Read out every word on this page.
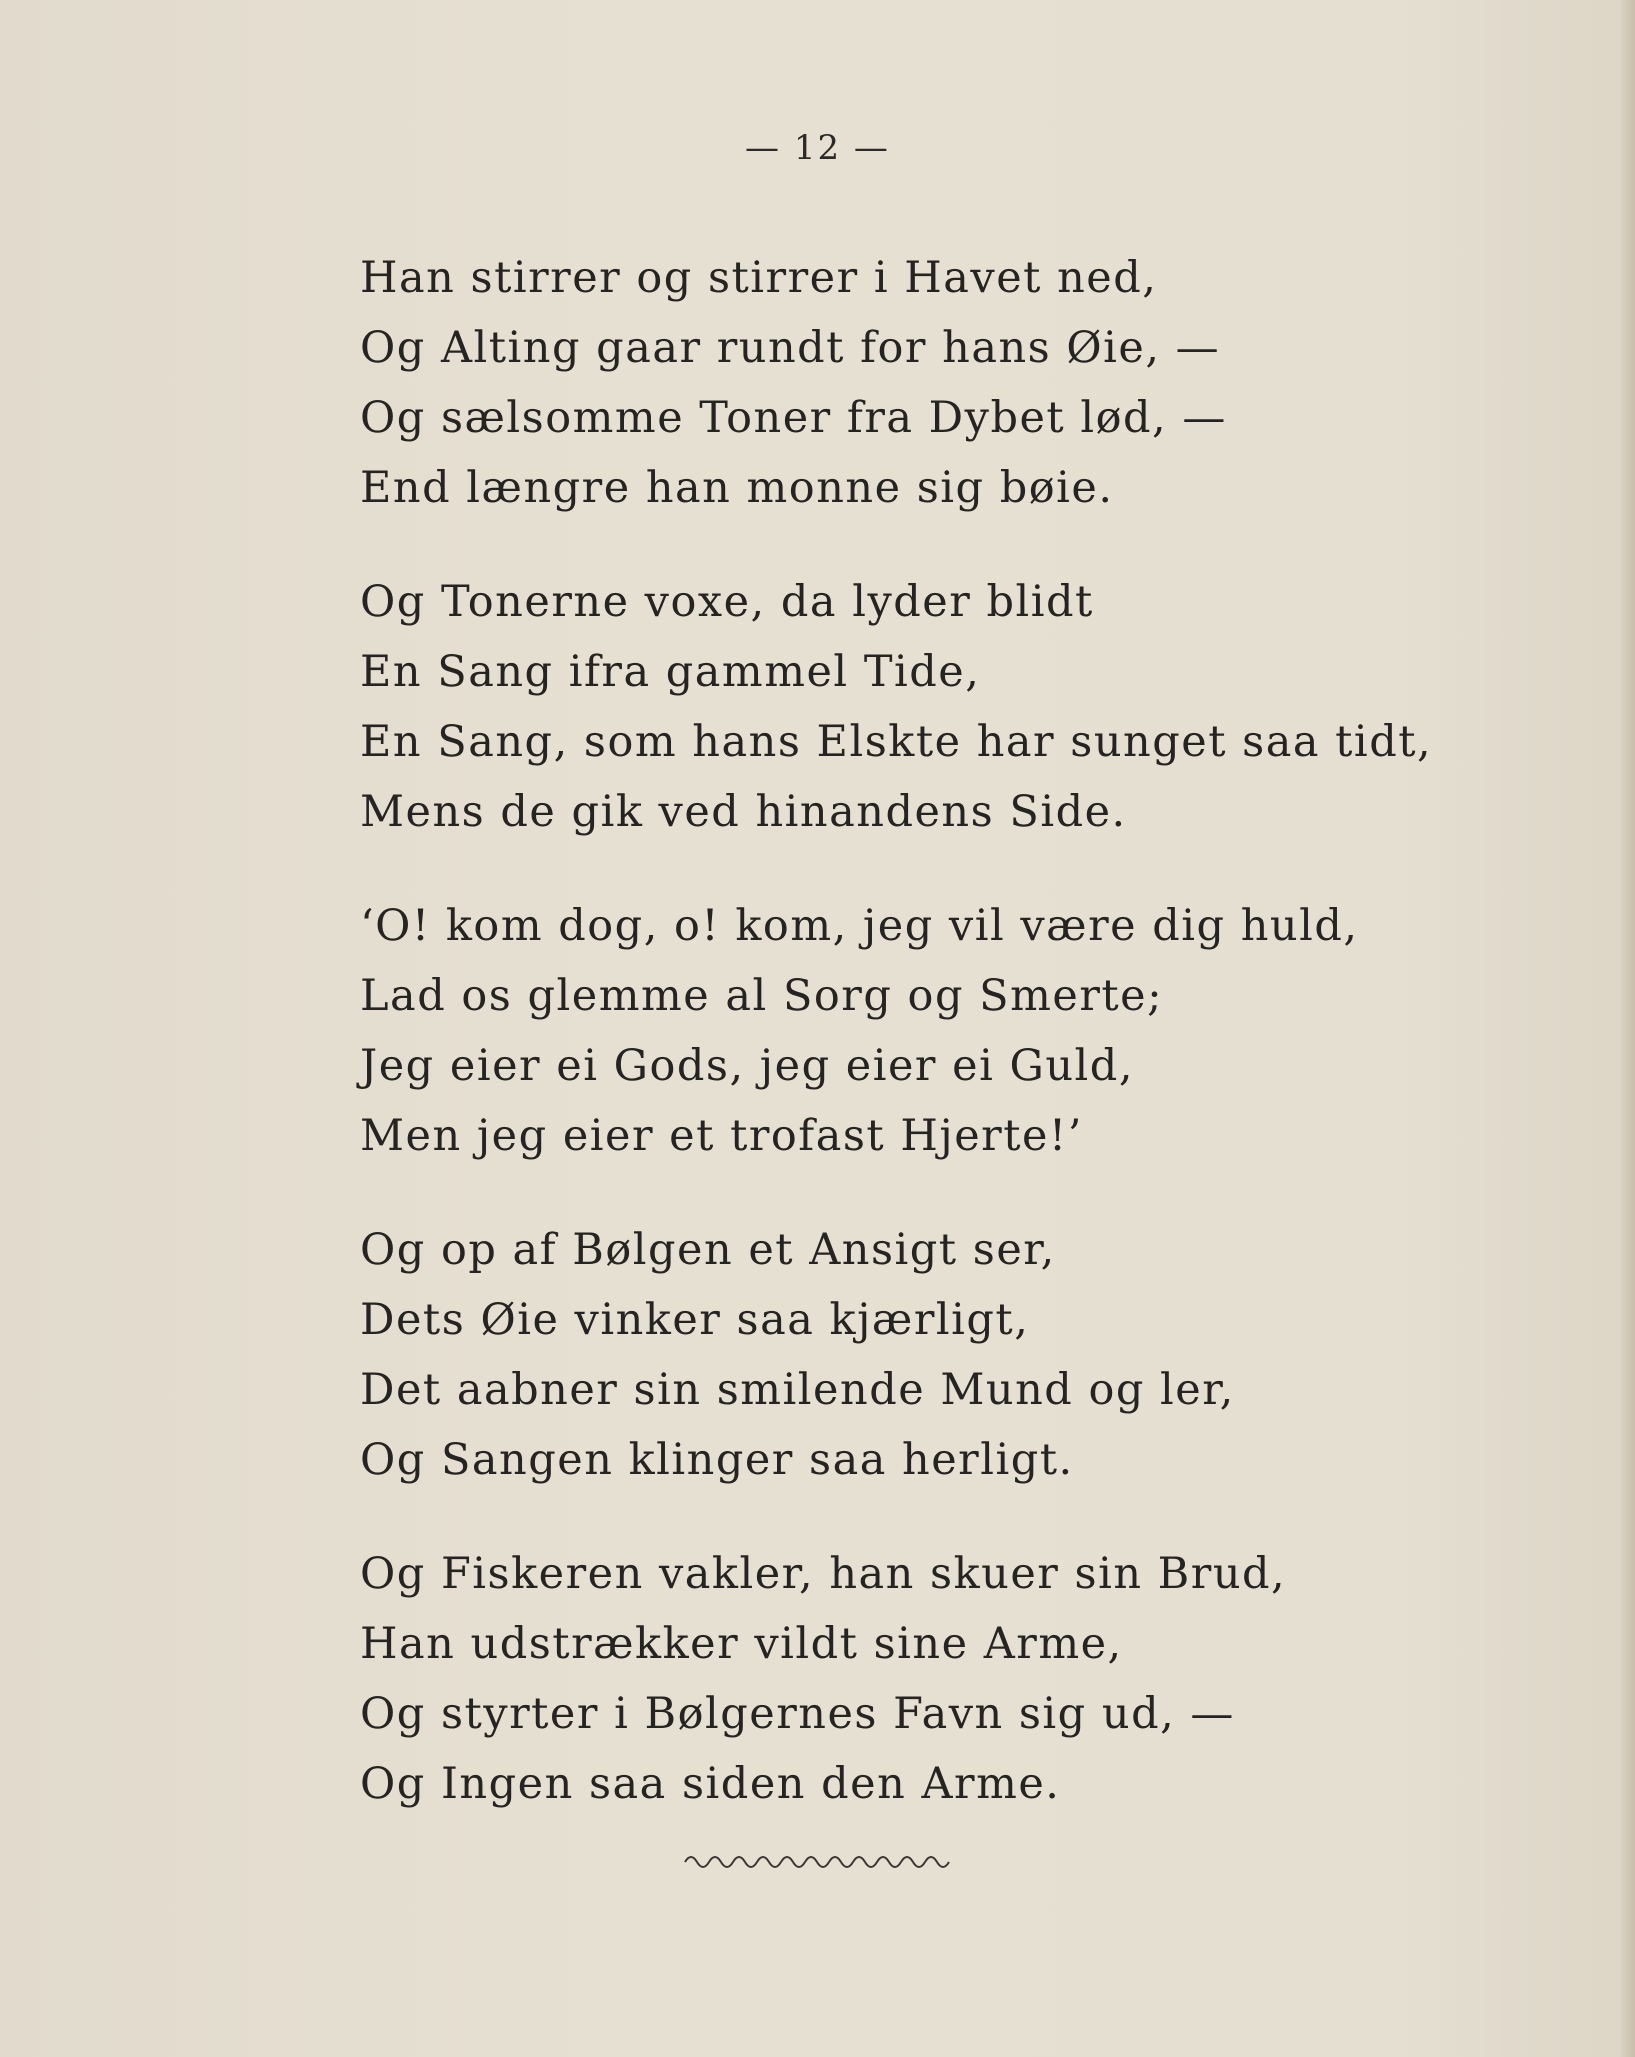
— 12 —
Han stirrer og stirrer i Havet ned,
Og Alting gaar rundt for hans Øie, —
Og sælsomme Toner fra Dybet lød, —
End længre han monne sig bøie.
Og Tonerne voxe, da lyder blidt
En Sang ifra gammel Tide,
En Sang, som hans Elskte har sunget saa tidt,
Mens de gik ved hinandens Side.
‘O! kom dog, o! kom, jeg vil være dig huld,
Lad os glemme al Sorg og Smerte;
Jeg eier ei Gods, jeg eier ei Guld,
Men jeg eier et trofast Hjerte!’
Og op af Bølgen et Ansigt ser,
Dets Øie vinker saa kjærligt,
Det aabner sin smilende Mund og ler,
Og Sangen klinger saa herligt.
Og Fiskeren vakler, han skuer sin Brud,
Han udstrækker vildt sine Arme,
Og styrter i Bølgernes Favn sig ud, —
Og Ingen saa siden den Arme.
